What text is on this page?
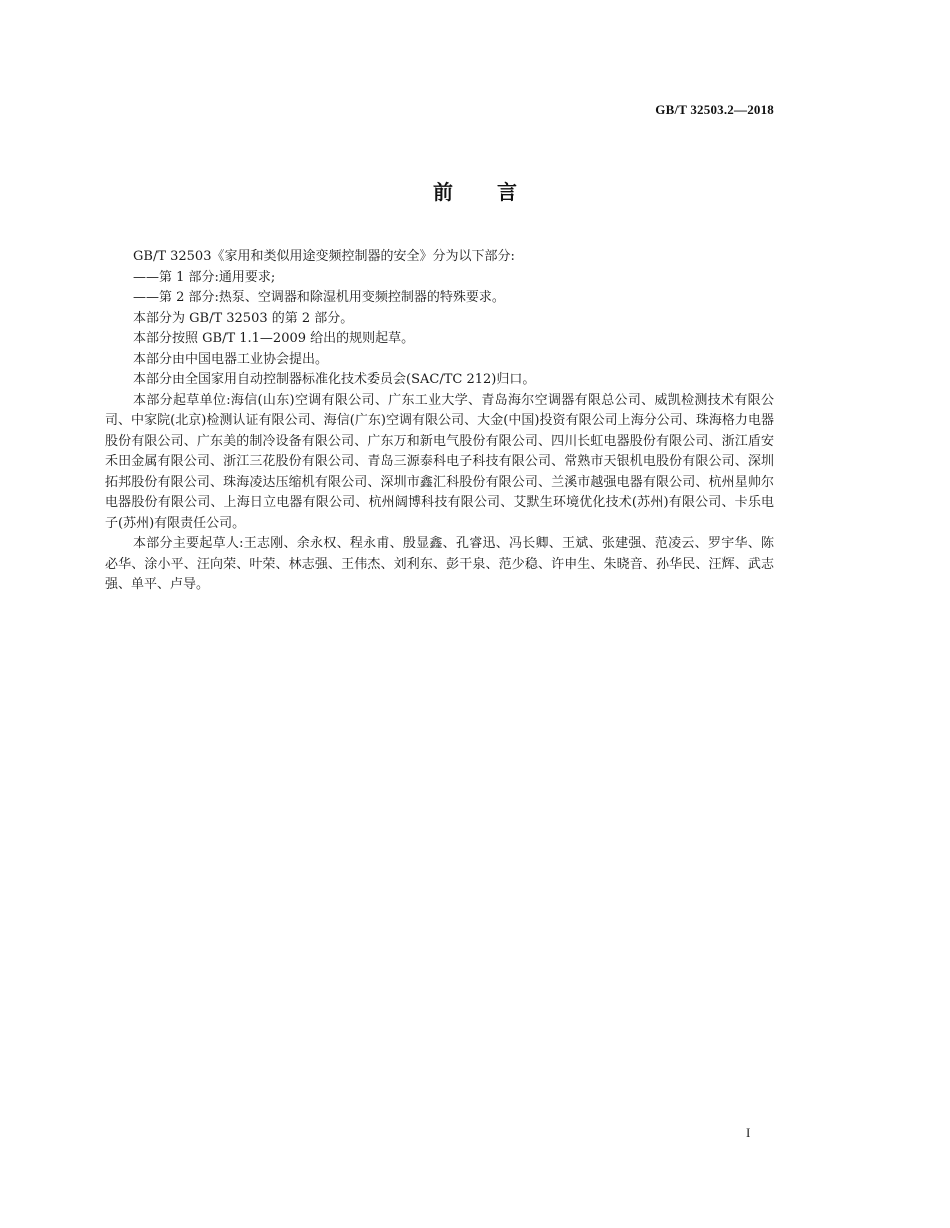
GB/T 32503.2—2018
前言

GB/T 32503《家用和类似用途变频控制器的安全》分为以下部分:

——第 1 部分:通用要求;

——第 2 部分:热泵、空调器和除湿机用变频控制器的特殊要求。

本部分为 GB/T 32503 的第 2 部分。

本部分按照 GB/T 1.1—2009 给出的规则起草。

本部分由中国电器工业协会提出。

本部分由全国家用自动控制器标准化技术委员会(SAC/TC 212)归口。

本部分起草单位:海信(山东)空调有限公司、广东工业大学、青岛海尔空调器有限总公司、威凯检测技术有限公司、中家院(北京)检测认证有限公司、海信(广东)空调有限公司、大金(中国)投资有限公司上海分公司、珠海格力电器股份有限公司、广东美的制冷设备有限公司、广东万和新电气股份有限公司、四川长虹电器股份有限公司、浙江盾安禾田金属有限公司、浙江三花股份有限公司、青岛三源泰科电子科技有限公司、常熟市天银机电股份有限公司、深圳拓邦股份有限公司、珠海凌达压缩机有限公司、深圳市鑫汇科股份有限公司、兰溪市越强电器有限公司、杭州星帅尔电器股份有限公司、上海日立电器有限公司、杭州阔博科技有限公司、艾默生环境优化技术(苏州)有限公司、卡乐电子(苏州)有限责任公司。

本部分主要起草人:王志刚、余永权、程永甫、殷显鑫、孔睿迅、冯长卿、王斌、张建强、范凌云、罗宇华、陈必华、涂小平、汪向荣、叶荣、林志强、王伟杰、刘利东、彭干泉、范少稳、许申生、朱晓音、孙华民、汪辉、武志强、单平、卢导。

I
